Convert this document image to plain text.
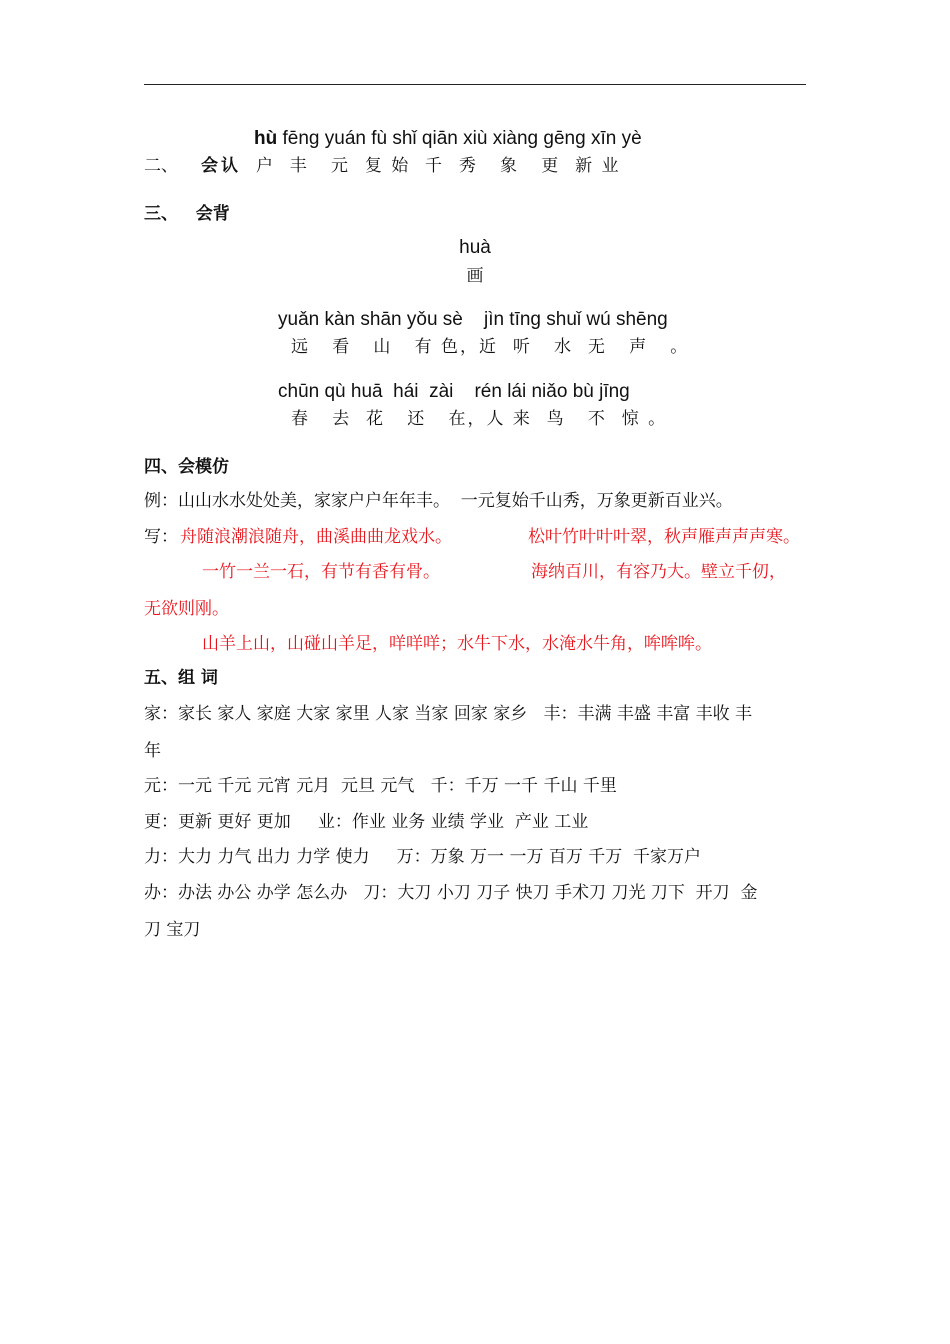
hù fēng yuán fù shǐ qiān xiù xiàng gēng xīn yè
二、 会认 户  丰   元  复 始  千  秀   象   更  新 业
三、   会背
huà
画
yuǎn kàn shān yǒu sè    jìn tīng shuǐ wú shēng
远   看   山   有 色，近  听   水  无   声   。
chūn qù huā  hái  zài    rén lái niǎo bù jīng
春   去  花   还   在，人 来  鸟   不  惊 。
四、会模仿
例：山山水水处处美，家家户户年年丰。  一元复始千山秀，万象更新百业兴。
写： 舟随浪潮浪随舟，曲溪曲曲龙戏水。	松叶竹叶叶叶翠，秋声雁声声声寒。
一竹一兰一石，有节有香有骨。	海纳百川，有容乃大。壁立千仞，
无欲则刚。
山羊上山，山碰山羊足，咩咩咩；水牛下水，水淹水牛角，哞哞哞。
五、组 词
家：家长 家人 家庭 大家 家里 人家 当家 回家 家乡   丰：丰满 丰盛 丰富 丰收 丰
年
元：一元 千元 元宵 元月  元旦 元气   千：千万 一千 千山 千里
更：更新 更好 更加     业：作业 业务 业绩 学业  产业 工业
力：大力 力气 出力 力学 使力     万：万象 万一 一万 百万 千万  千家万户
办：办法 办公 办学 怎么办   刀：大刀 小刀 刀子 快刀 手术刀 刀光 刀下  开刀  金
刀 宝刀
